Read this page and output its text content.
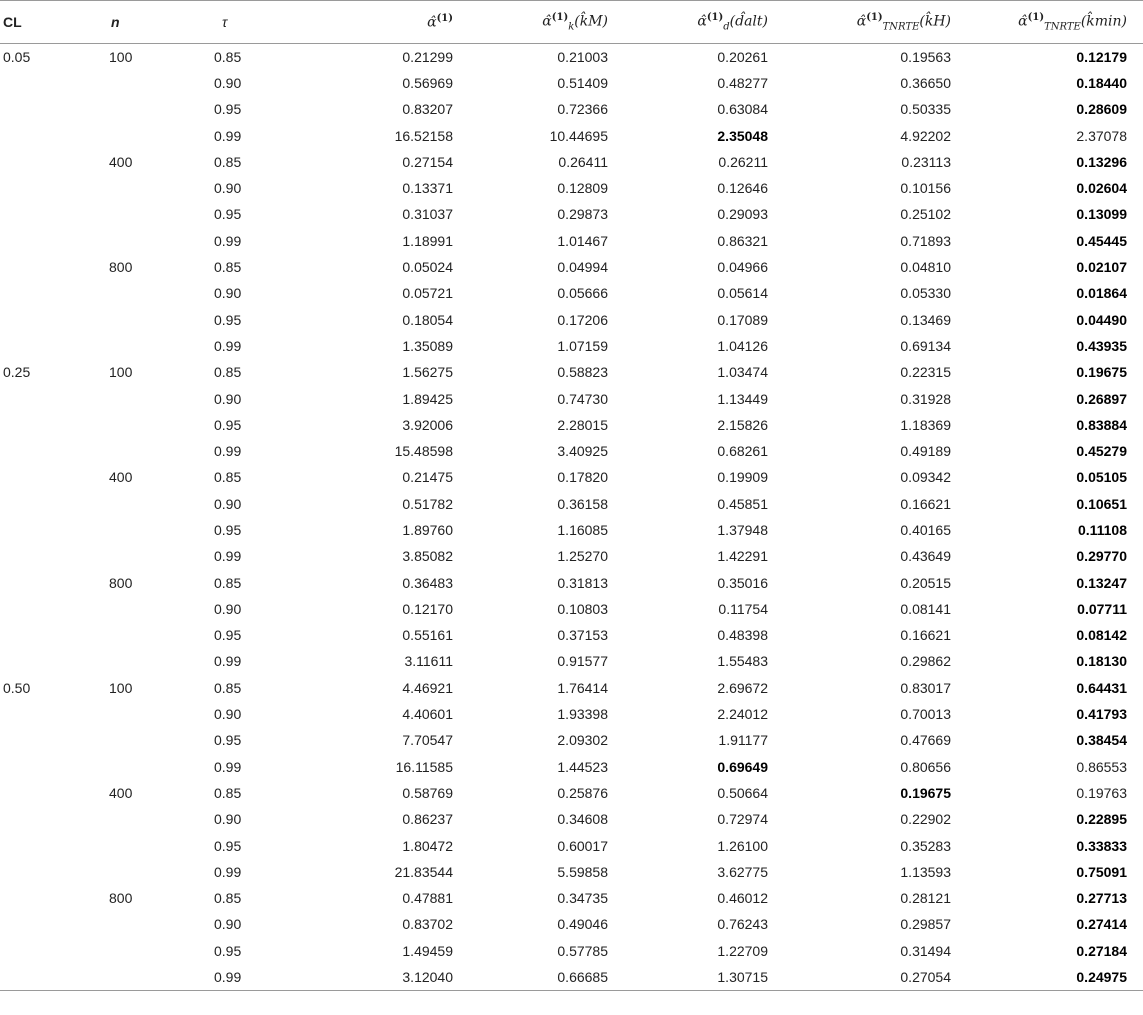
CL	n	τ	α̂$^{(1)}$	α̂$^{(1)}_k$(k̂M)	α̂$^{(1)}_d$(d̂alt)	α̂$^{(1)}_{TNRTE}$(k̂H)	α̂$^{(1)}_{TNRTE}$(k̂min)
0.05	100	0.85	0.21299	0.21003	0.20261	0.19563	0.12179
		0.90	0.56969	0.51409	0.48277	0.36650	0.18440
		0.95	0.83207	0.72366	0.63084	0.50335	0.28609
		0.99	16.52158	10.44695	2.35048	4.92202	2.37078
	400	0.85	0.27154	0.26411	0.26211	0.23113	0.13296
		0.90	0.13371	0.12809	0.12646	0.10156	0.02604
		0.95	0.31037	0.29873	0.29093	0.25102	0.13099
		0.99	1.18991	1.01467	0.86321	0.71893	0.45445
	800	0.85	0.05024	0.04994	0.04966	0.04810	0.02107
		0.90	0.05721	0.05666	0.05614	0.05330	0.01864
		0.95	0.18054	0.17206	0.17089	0.13469	0.04490
		0.99	1.35089	1.07159	1.04126	0.69134	0.43935
0.25	100	0.85	1.56275	0.58823	1.03474	0.22315	0.19675
		0.90	1.89425	0.74730	1.13449	0.31928	0.26897
		0.95	3.92006	2.28015	2.15826	1.18369	0.83884
		0.99	15.48598	3.40925	0.68261	0.49189	0.45279
	400	0.85	0.21475	0.17820	0.19909	0.09342	0.05105
		0.90	0.51782	0.36158	0.45851	0.16621	0.10651
		0.95	1.89760	1.16085	1.37948	0.40165	0.11108
		0.99	3.85082	1.25270	1.42291	0.43649	0.29770
	800	0.85	0.36483	0.31813	0.35016	0.20515	0.13247
		0.90	0.12170	0.10803	0.11754	0.08141	0.07711
		0.95	0.55161	0.37153	0.48398	0.16621	0.08142
		0.99	3.11611	0.91577	1.55483	0.29862	0.18130
0.50	100	0.85	4.46921	1.76414	2.69672	0.83017	0.64431
		0.90	4.40601	1.93398	2.24012	0.70013	0.41793
		0.95	7.70547	2.09302	1.91177	0.47669	0.38454
		0.99	16.11585	1.44523	0.69649	0.80656	0.86553
	400	0.85	0.58769	0.25876	0.50664	0.19675	0.19763
		0.90	0.86237	0.34608	0.72974	0.22902	0.22895
		0.95	1.80472	0.60017	1.26100	0.35283	0.33833
		0.99	21.83544	5.59858	3.62775	1.13593	0.75091
	800	0.85	0.47881	0.34735	0.46012	0.28121	0.27713
		0.90	0.83702	0.49046	0.76243	0.29857	0.27414
		0.95	1.49459	0.57785	1.22709	0.31494	0.27184
		0.99	3.12040	0.66685	1.30715	0.27054	0.24975
